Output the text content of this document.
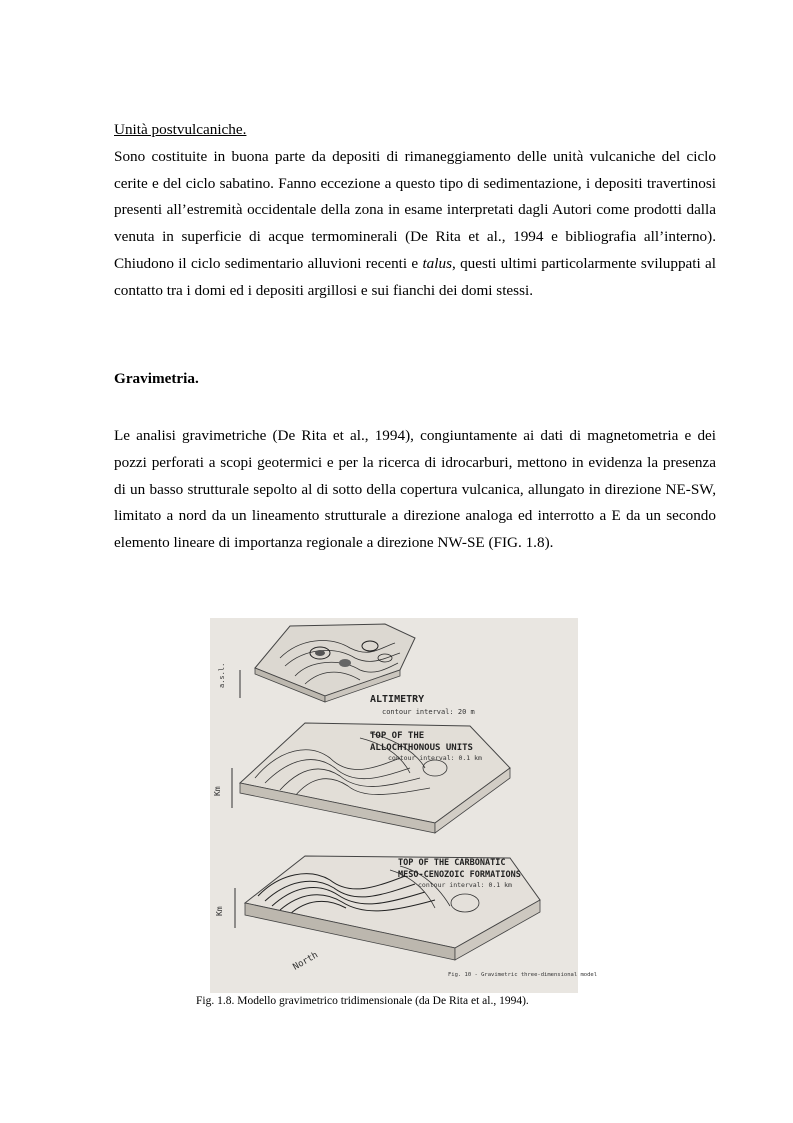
Unità postvulcaniche.
Sono costituite in buona parte da depositi di rimaneggiamento delle unità vulcaniche del ciclo cerite e del ciclo sabatino. Fanno eccezione a questo tipo di sedimentazione, i depositi travertinosi presenti all’estremità occidentale della zona in esame interpretati dagli Autori come prodotti dalla venuta in superficie di acque termominerali (De Rita et al., 1994 e bibliografia all’interno). Chiudono il ciclo sedimentario alluvioni recenti e talus, questi ultimi particolarmente sviluppati al contatto tra i domi ed i depositi argillosi e sui fianchi dei domi stessi.
Gravimetria.
Le analisi gravimetriche (De Rita et al., 1994), congiuntamente ai dati di magnetometria e dei pozzi perforati a scopi geotermici e per la ricerca di idrocarburi, mettono in evidenza la presenza di un basso strutturale sepolto al di sotto della copertura vulcanica, allungato in direzione NE-SW, limitato a nord da un lineamento strutturale a direzione analoga ed interrotto a E da un secondo elemento lineare di importanza regionale a direzione NW-SE (FIG. 1.8).
a.s.l.
ALTIMETRY
contour interval: 20 m
Km
TOP OF THE
ALLOCHTHONOUS UNITS
contour interval: 0.1 km
Km
North
TOP OF THE CARBONATIC
MESO-CENOZOIC FORMATIONS
contour interval: 0.1 km
Fig. 10 - Gravimetric three-dimensional model
Fig. 1.8. Modello gravimetrico tridimensionale (da De Rita et al., 1994).
